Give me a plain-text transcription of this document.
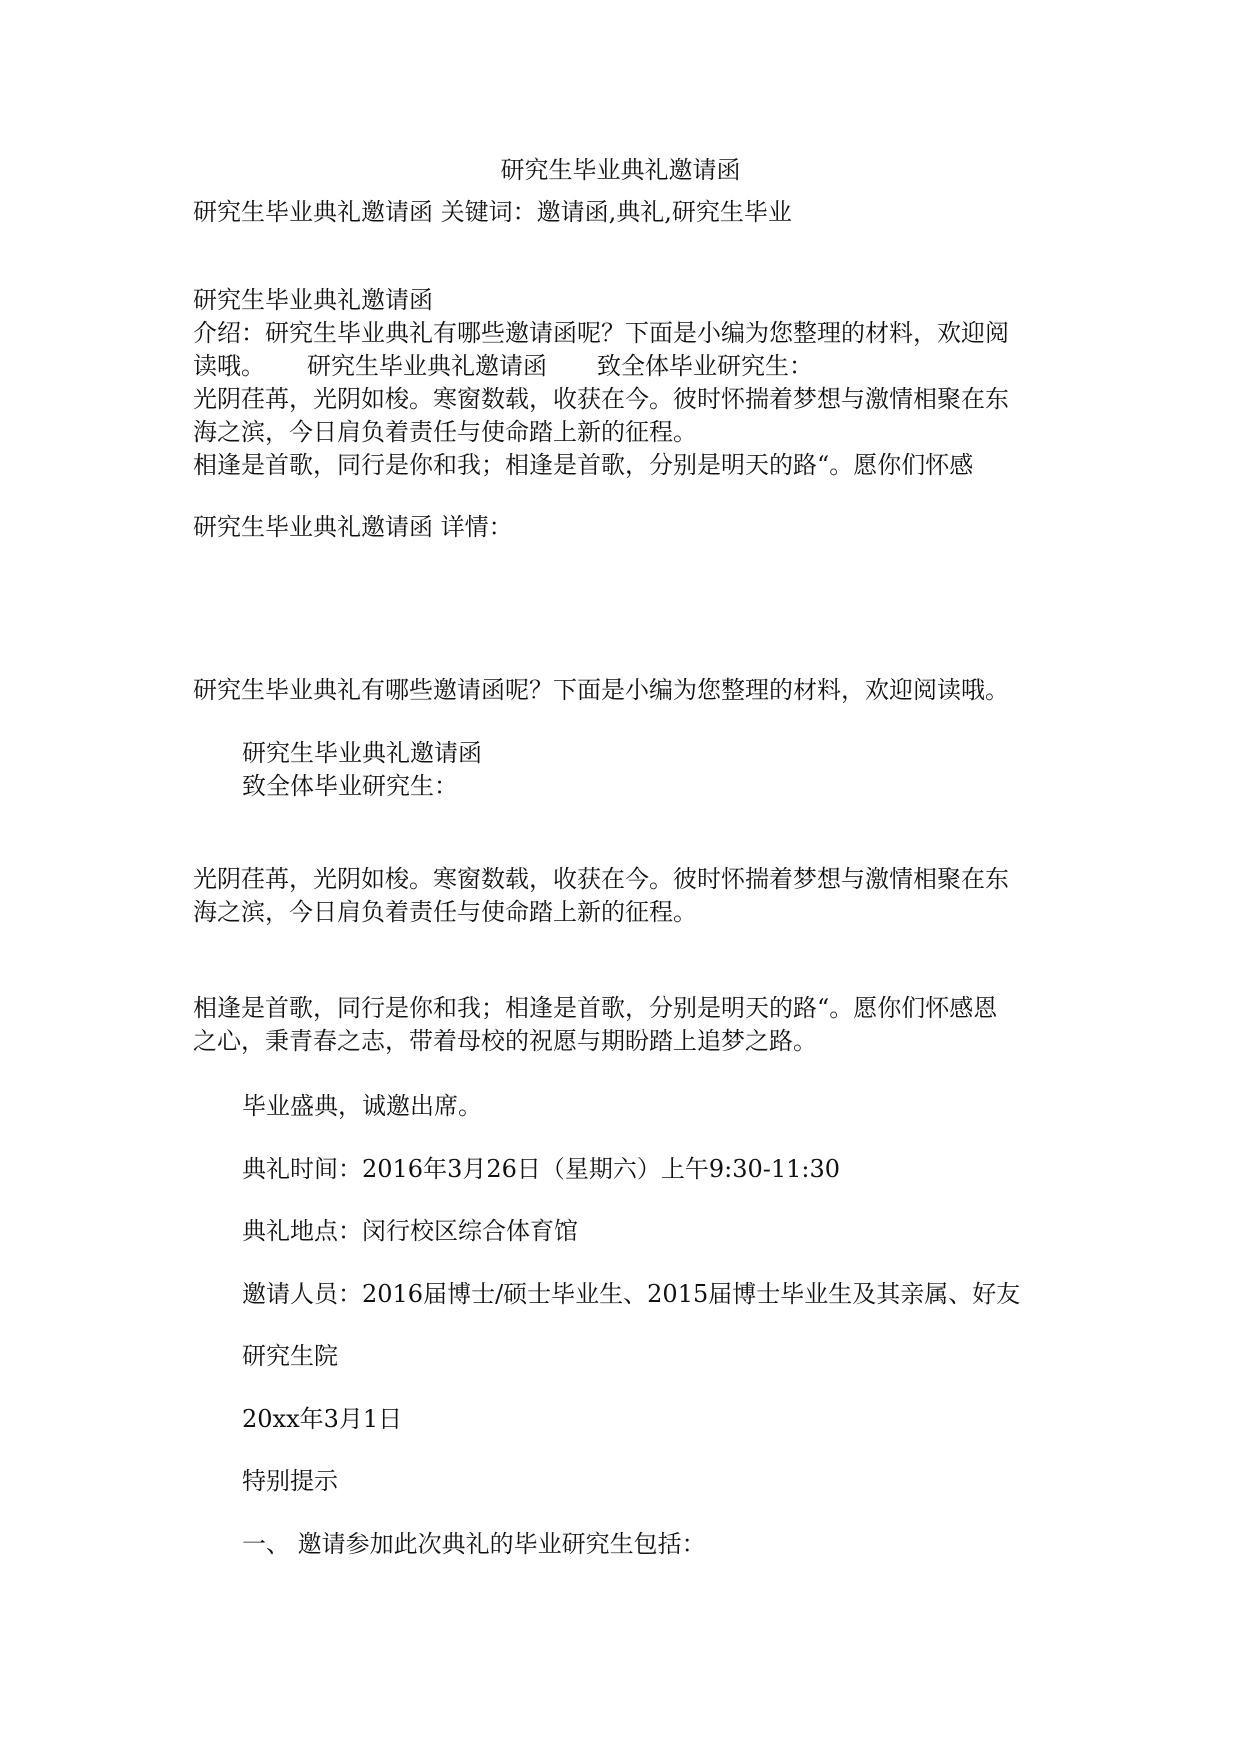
研究生毕业典礼邀请函
研究生毕业典礼邀请函 关键词：邀请函,典礼,研究生毕业
研究生毕业典礼邀请函
介绍：研究生毕业典礼有哪些邀请函呢？下面是小编为您整理的材料，欢迎阅
读哦。 研究生毕业典礼邀请函 致全体毕业研究生：
光阴荏苒，光阴如梭。寒窗数载，收获在今。彼时怀揣着梦想与激情相聚在东
海之滨，今日肩负着责任与使命踏上新的征程。
相逢是首歌，同行是你和我；相逢是首歌，分别是明天的路“。愿你们怀感
研究生毕业典礼邀请函 详情：
研究生毕业典礼有哪些邀请函呢？下面是小编为您整理的材料，欢迎阅读哦。
研究生毕业典礼邀请函
致全体毕业研究生：
光阴荏苒，光阴如梭。寒窗数载，收获在今。彼时怀揣着梦想与激情相聚在东
海之滨，今日肩负着责任与使命踏上新的征程。
相逢是首歌，同行是你和我；相逢是首歌，分别是明天的路“。愿你们怀感恩
之心，秉青春之志，带着母校的祝愿与期盼踏上追梦之路。
毕业盛典，诚邀出席。
典礼时间：2016年3月26日（星期六）上午9:30-11:30
典礼地点：闵行校区综合体育馆
邀请人员：2016届博士/硕士毕业生、2015届博士毕业生及其亲属、好友
研究生院
20xx年3月1日
特别提示
一、 邀请参加此次典礼的毕业研究生包括：
